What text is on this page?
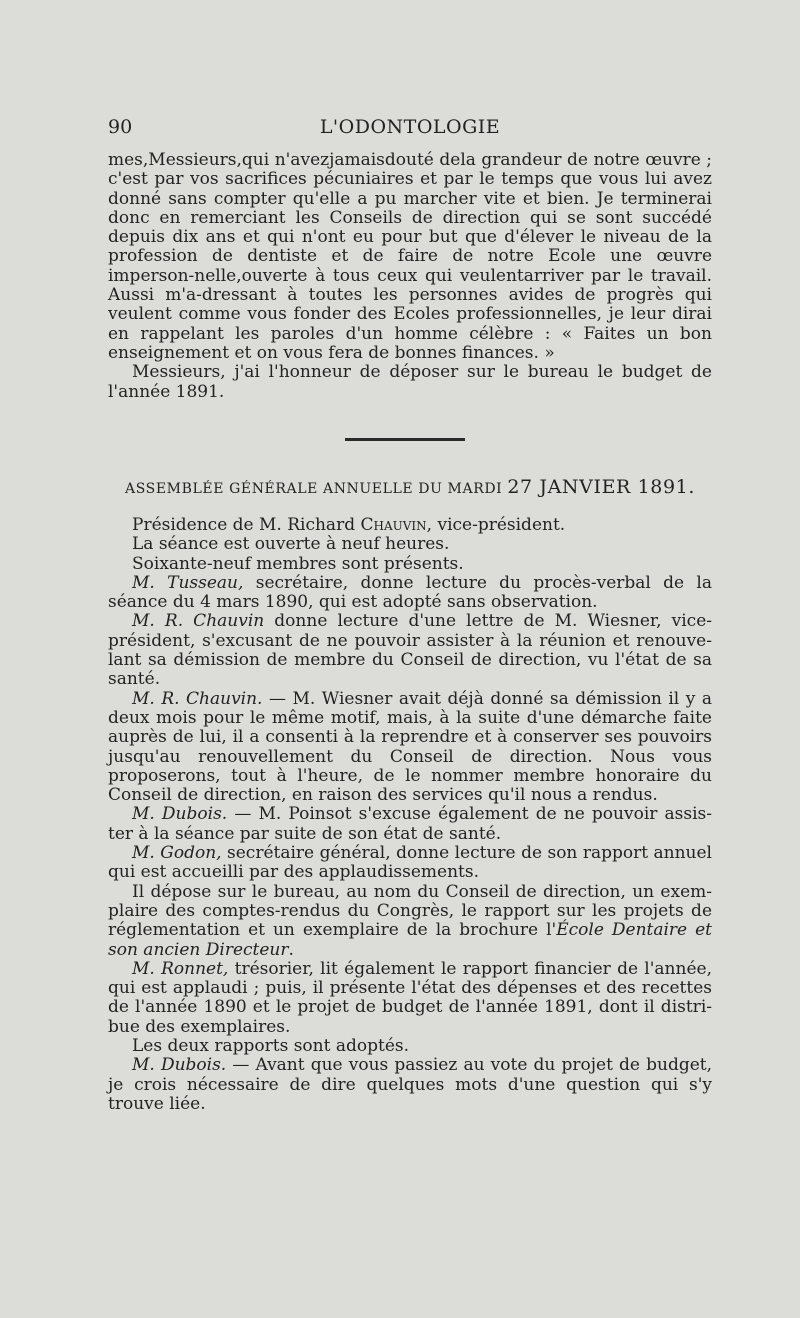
90	L'ODONTOLOGIE

mes,Messieurs,qui n'avezjamaisdouté dela grandeur de notre œuvre ; c'est par vos sacrifices pécuniaires et par le temps que vous lui avez donné sans compter qu'elle a pu marcher vite et bien. Je terminerai donc en remerciant les Conseils de direction qui se sont succédé depuis dix ans et qui n'ont eu pour but que d'élever le niveau de la profession de dentiste et de faire de notre Ecole une œuvre imperson-nelle,ouverte à tous ceux qui veulentarriver par le travail. Aussi m'a-dressant à toutes les personnes avides de progrès qui veulent comme vous fonder des Ecoles professionnelles, je leur dirai en rappelant les paroles d'un homme célèbre : « Faites un bon enseignement et on vous fera de bonnes finances. »

Messieurs, j'ai l'honneur de déposer sur le bureau le budget de l'année 1891.

ASSEMBLÉE GÉNÉRALE ANNUELLE DU MARDI 27 JANVIER 1891.

Présidence de M. Richard Chauvin, vice-président.

La séance est ouverte à neuf heures.

Soixante-neuf membres sont présents.

M. Tusseau, secrétaire, donne lecture du procès-verbal de la séance du 4 mars 1890, qui est adopté sans observation.

M. R. Chauvin donne lecture d'une lettre de M. Wiesner, vice-président, s'excusant de ne pouvoir assister à la réunion et renouve-lant sa démission de membre du Conseil de direction, vu l'état de sa santé.

M. R. Chauvin. — M. Wiesner avait déjà donné sa démission il y a deux mois pour le même motif, mais, à la suite d'une démarche faite auprès de lui, il a consenti à la reprendre et à conserver ses pouvoirs jusqu'au renouvellement du Conseil de direction. Nous vous proposerons, tout à l'heure, de le nommer membre honoraire du Conseil de direction, en raison des services qu'il nous a rendus.

M. Dubois. — M. Poinsot s'excuse également de ne pouvoir assis-ter à la séance par suite de son état de santé.

M. Godon, secrétaire général, donne lecture de son rapport annuel qui est accueilli par des applaudissements.

Il dépose sur le bureau, au nom du Conseil de direction, un exem-plaire des comptes-rendus du Congrès, le rapport sur les projets de réglementation et un exemplaire de la brochure l'École Dentaire et son ancien Directeur.

M. Ronnet, trésorier, lit également le rapport financier de l'année, qui est applaudi ; puis, il présente l'état des dépenses et des recettes de l'année 1890 et le projet de budget de l'année 1891, dont il distri-bue des exemplaires.

Les deux rapports sont adoptés.

M. Dubois. — Avant que vous passiez au vote du projet de budget, je crois nécessaire de dire quelques mots d'une question qui s'y trouve liée.
